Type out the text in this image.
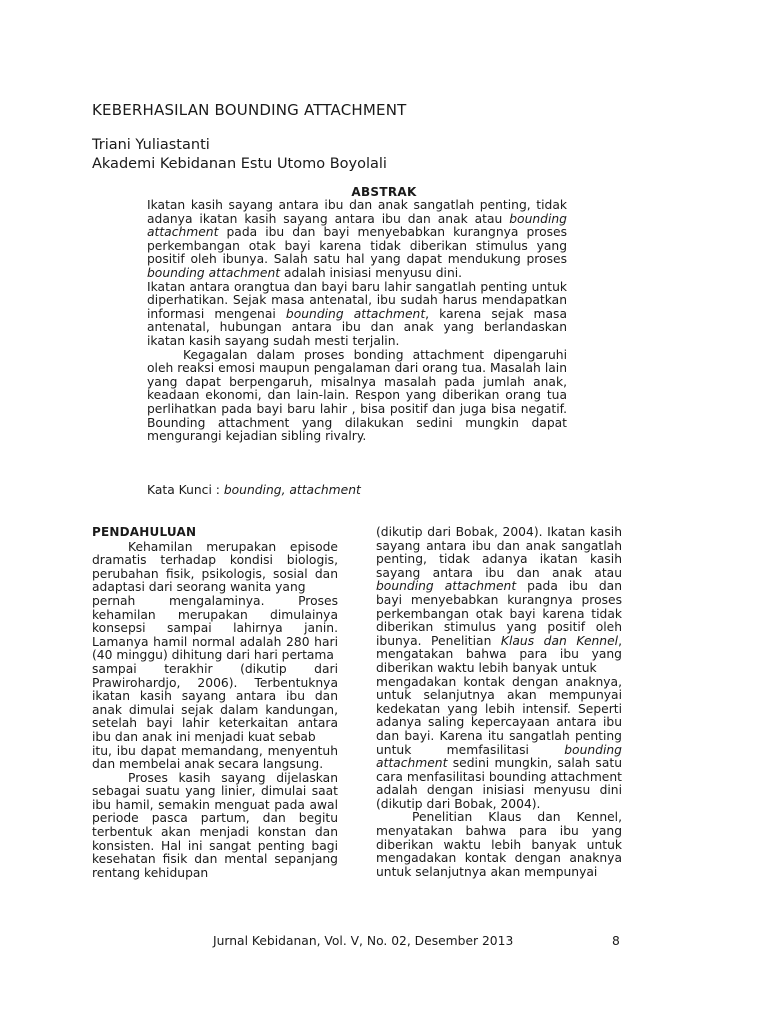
KEBERHASILAN BOUNDING ATTACHMENT
Triani Yuliastanti
Akademi Kebidanan Estu Utomo Boyolali
ABSTRAK

Ikatan kasih sayang antara ibu dan anak sangatlah penting, tidak adanya ikatan kasih sayang antara ibu dan anak atau bounding attachment pada ibu dan bayi menyebabkan kurangnya proses perkembangan otak bayi karena tidak diberikan stimulus yang positif oleh ibunya. Salah satu hal yang dapat mendukung proses bounding attachment adalah inisiasi menyusu dini.

Ikatan antara orangtua dan bayi baru lahir sangatlah penting untuk diperhatikan. Sejak masa antenatal, ibu sudah harus mendapatkan informasi mengenai bounding attachment, karena sejak masa antenatal, hubungan antara ibu dan anak yang berlandaskan ikatan kasih sayang sudah mesti terjalin.

Kegagalan dalam proses bonding attachment dipengaruhi oleh reaksi emosi maupun pengalaman dari orang tua. Masalah lain yang dapat berpengaruh, misalnya masalah pada jumlah anak, keadaan ekonomi, dan lain-lain. Respon yang diberikan orang tua perlihatkan pada bayi baru lahir , bisa positif dan juga bisa negatif. Bounding attachment yang dilakukan sedini mungkin dapat mengurangi kejadian sibling rivalry.

Kata Kunci : bounding, attachment
PENDAHULUAN

Kehamilan merupakan episode dramatis terhadap kondisi biologis, perubahan fisik, psikologis, sosial dan adaptasi dari seorang wanita yang

pernah mengalaminya. Proses kehamilan merupakan dimulainya konsepsi sampai lahirnya janin. Lamanya hamil normal adalah 280 hari (40 minggu) dihitung dari hari pertama

sampai terakhir (dikutip dari Prawirohardjo, 2006). Terbentuknya ikatan kasih sayang antara ibu dan anak dimulai sejak dalam kandungan, setelah bayi lahir keterkaitan antara ibu dan anak ini menjadi kuat sebab

itu, ibu dapat memandang, menyentuh dan membelai anak secara langsung.

Proses kasih sayang dijelaskan sebagai suatu yang linier, dimulai saat ibu hamil, semakin menguat pada awal periode pasca partum, dan begitu terbentuk akan menjadi konstan dan konsisten. Hal ini sangat penting bagi kesehatan fisik dan mental sepanjang rentang kehidupan

(dikutip dari Bobak, 2004). Ikatan kasih sayang antara ibu dan anak sangatlah penting, tidak adanya ikatan kasih sayang antara ibu dan anak atau bounding attachment pada ibu dan bayi menyebabkan kurangnya proses perkembangan otak bayi karena tidak diberikan stimulus yang positif oleh ibunya. Penelitian Klaus dan Kennel, mengatakan bahwa para ibu yang diberikan waktu lebih banyak untuk

mengadakan kontak dengan anaknya, untuk selanjutnya akan mempunyai kedekatan yang lebih intensif. Seperti adanya saling kepercayaan antara ibu dan bayi. Karena itu sangatlah penting untuk memfasilitasi bounding attachment sedini mungkin, salah satu cara menfasilitasi bounding attachment adalah dengan inisiasi menyusu dini (dikutip dari Bobak, 2004).

Penelitian Klaus dan Kennel, menyatakan bahwa para ibu yang diberikan waktu lebih banyak untuk mengadakan kontak dengan anaknya untuk selanjutnya akan mempunyai

Jurnal Kebidanan, Vol. V, No. 02, Desember 2013	8
